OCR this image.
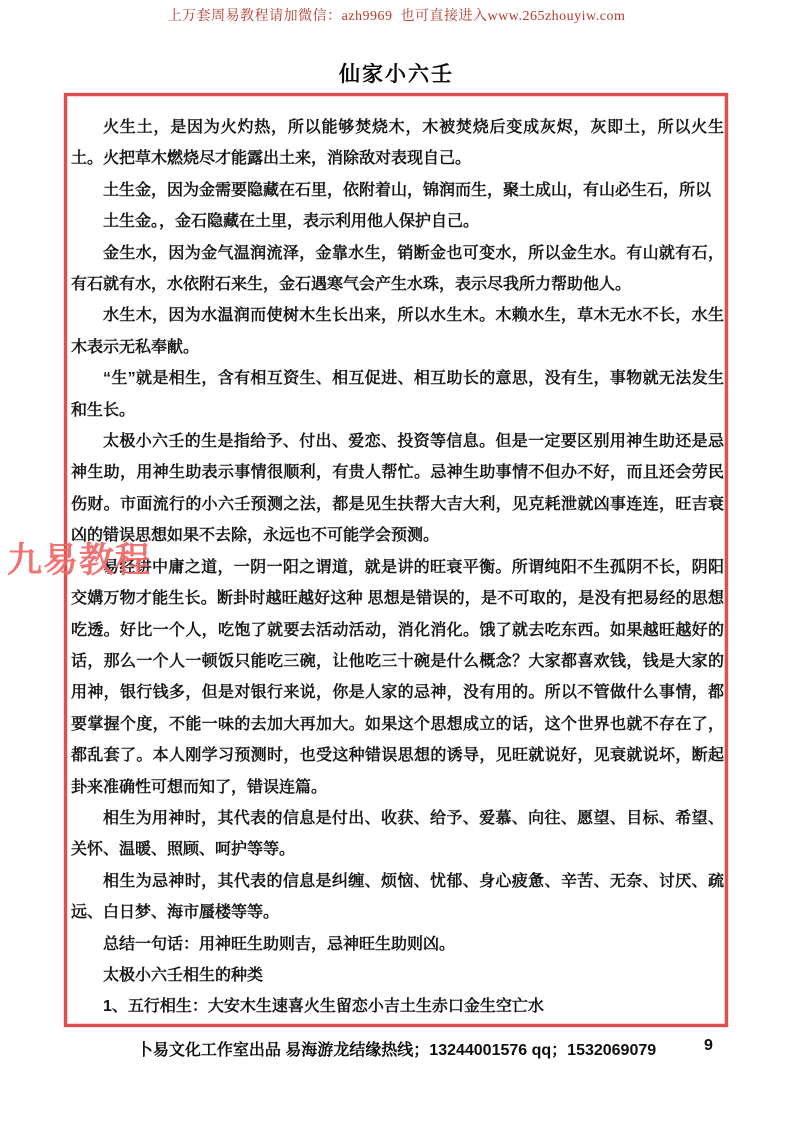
上万套周易教程请加微信：azh9969  也可直接进入www.265zhouyiw.com
仙家小六壬

火生土，是因为火灼热，所以能够焚烧木，木被焚烧后变成灰烬，灰即土，所以火生土。火把草木燃烧尽才能露出土来，消除敌对表现自己。

土生金，因为金需要隐藏在石里，依附着山，锦润而生，聚土成山，有山必生石，所以

土生金。，金石隐藏在土里，表示利用他人保护自己。

金生水，因为金气温润流泽，金靠水生，销断金也可变水，所以金生水。有山就有石，有石就有水，水依附石来生，金石遇寒气会产生水珠，表示尽我所力帮助他人。

水生木，因为水温润而使树木生长出来，所以水生木。木赖水生，草木无水不长，水生木表示无私奉献。

“生”就是相生，含有相互资生、相互促进、相互助长的意思，没有生，事物就无法发生和生长。

太极小六壬的生是指给予、付出、爱恋、投资等信息。但是一定要区别用神生助还是忌神生助，用神生助表示事情很顺利，有贵人帮忙。忌神生助事情不但办不好，而且还会劳民伤财。市面流行的小六壬预测之法，都是见生扶帮大吉大利，见克耗泄就凶事连连，旺吉衰凶的错误思想如果不去除，永远也不可能学会预测。

易经讲中庸之道，一阴一阳之谓道，就是讲的旺衰平衡。所谓纯阳不生孤阴不长，阴阳交媾万物才能生长。断卦时越旺越好这种 思想是错误的，是不可取的，是没有把易经的思想吃透。好比一个人，吃饱了就要去活动活动，消化消化。饿了就去吃东西。如果越旺越好的话，那么一个人一顿饭只能吃三碗，让他吃三十碗是什么概念？大家都喜欢钱，钱是大家的用神，银行钱多，但是对银行来说，你是人家的忌神，没有用的。所以不管做什么事情，都要掌握个度，不能一味的去加大再加大。如果这个思想成立的话，这个世界也就不存在了，都乱套了。本人刚学习预测时，也受这种错误思想的诱导，见旺就说好，见衰就说坏，断起卦来准确性可想而知了，错误连篇。

相生为用神时，其代表的信息是付出、收获、给予、爱慕、向往、愿望、目标、希望、关怀、温暖、照顾、呵护等等。

相生为忌神时，其代表的信息是纠缠、烦恼、忧郁、身心疲惫、辛苦、无奈、讨厌、疏远、白日梦、海市蜃楼等等。

总结一句话：用神旺生助则吉，忌神旺生助则凶。

太极小六壬相生的种类

1、五行相生：大安木生速喜火生留恋小吉土生赤口金生空亡水

九易教程
卜易文化工作室出品 易海游龙结缘热线；13244001576 qq；1532069079	9
